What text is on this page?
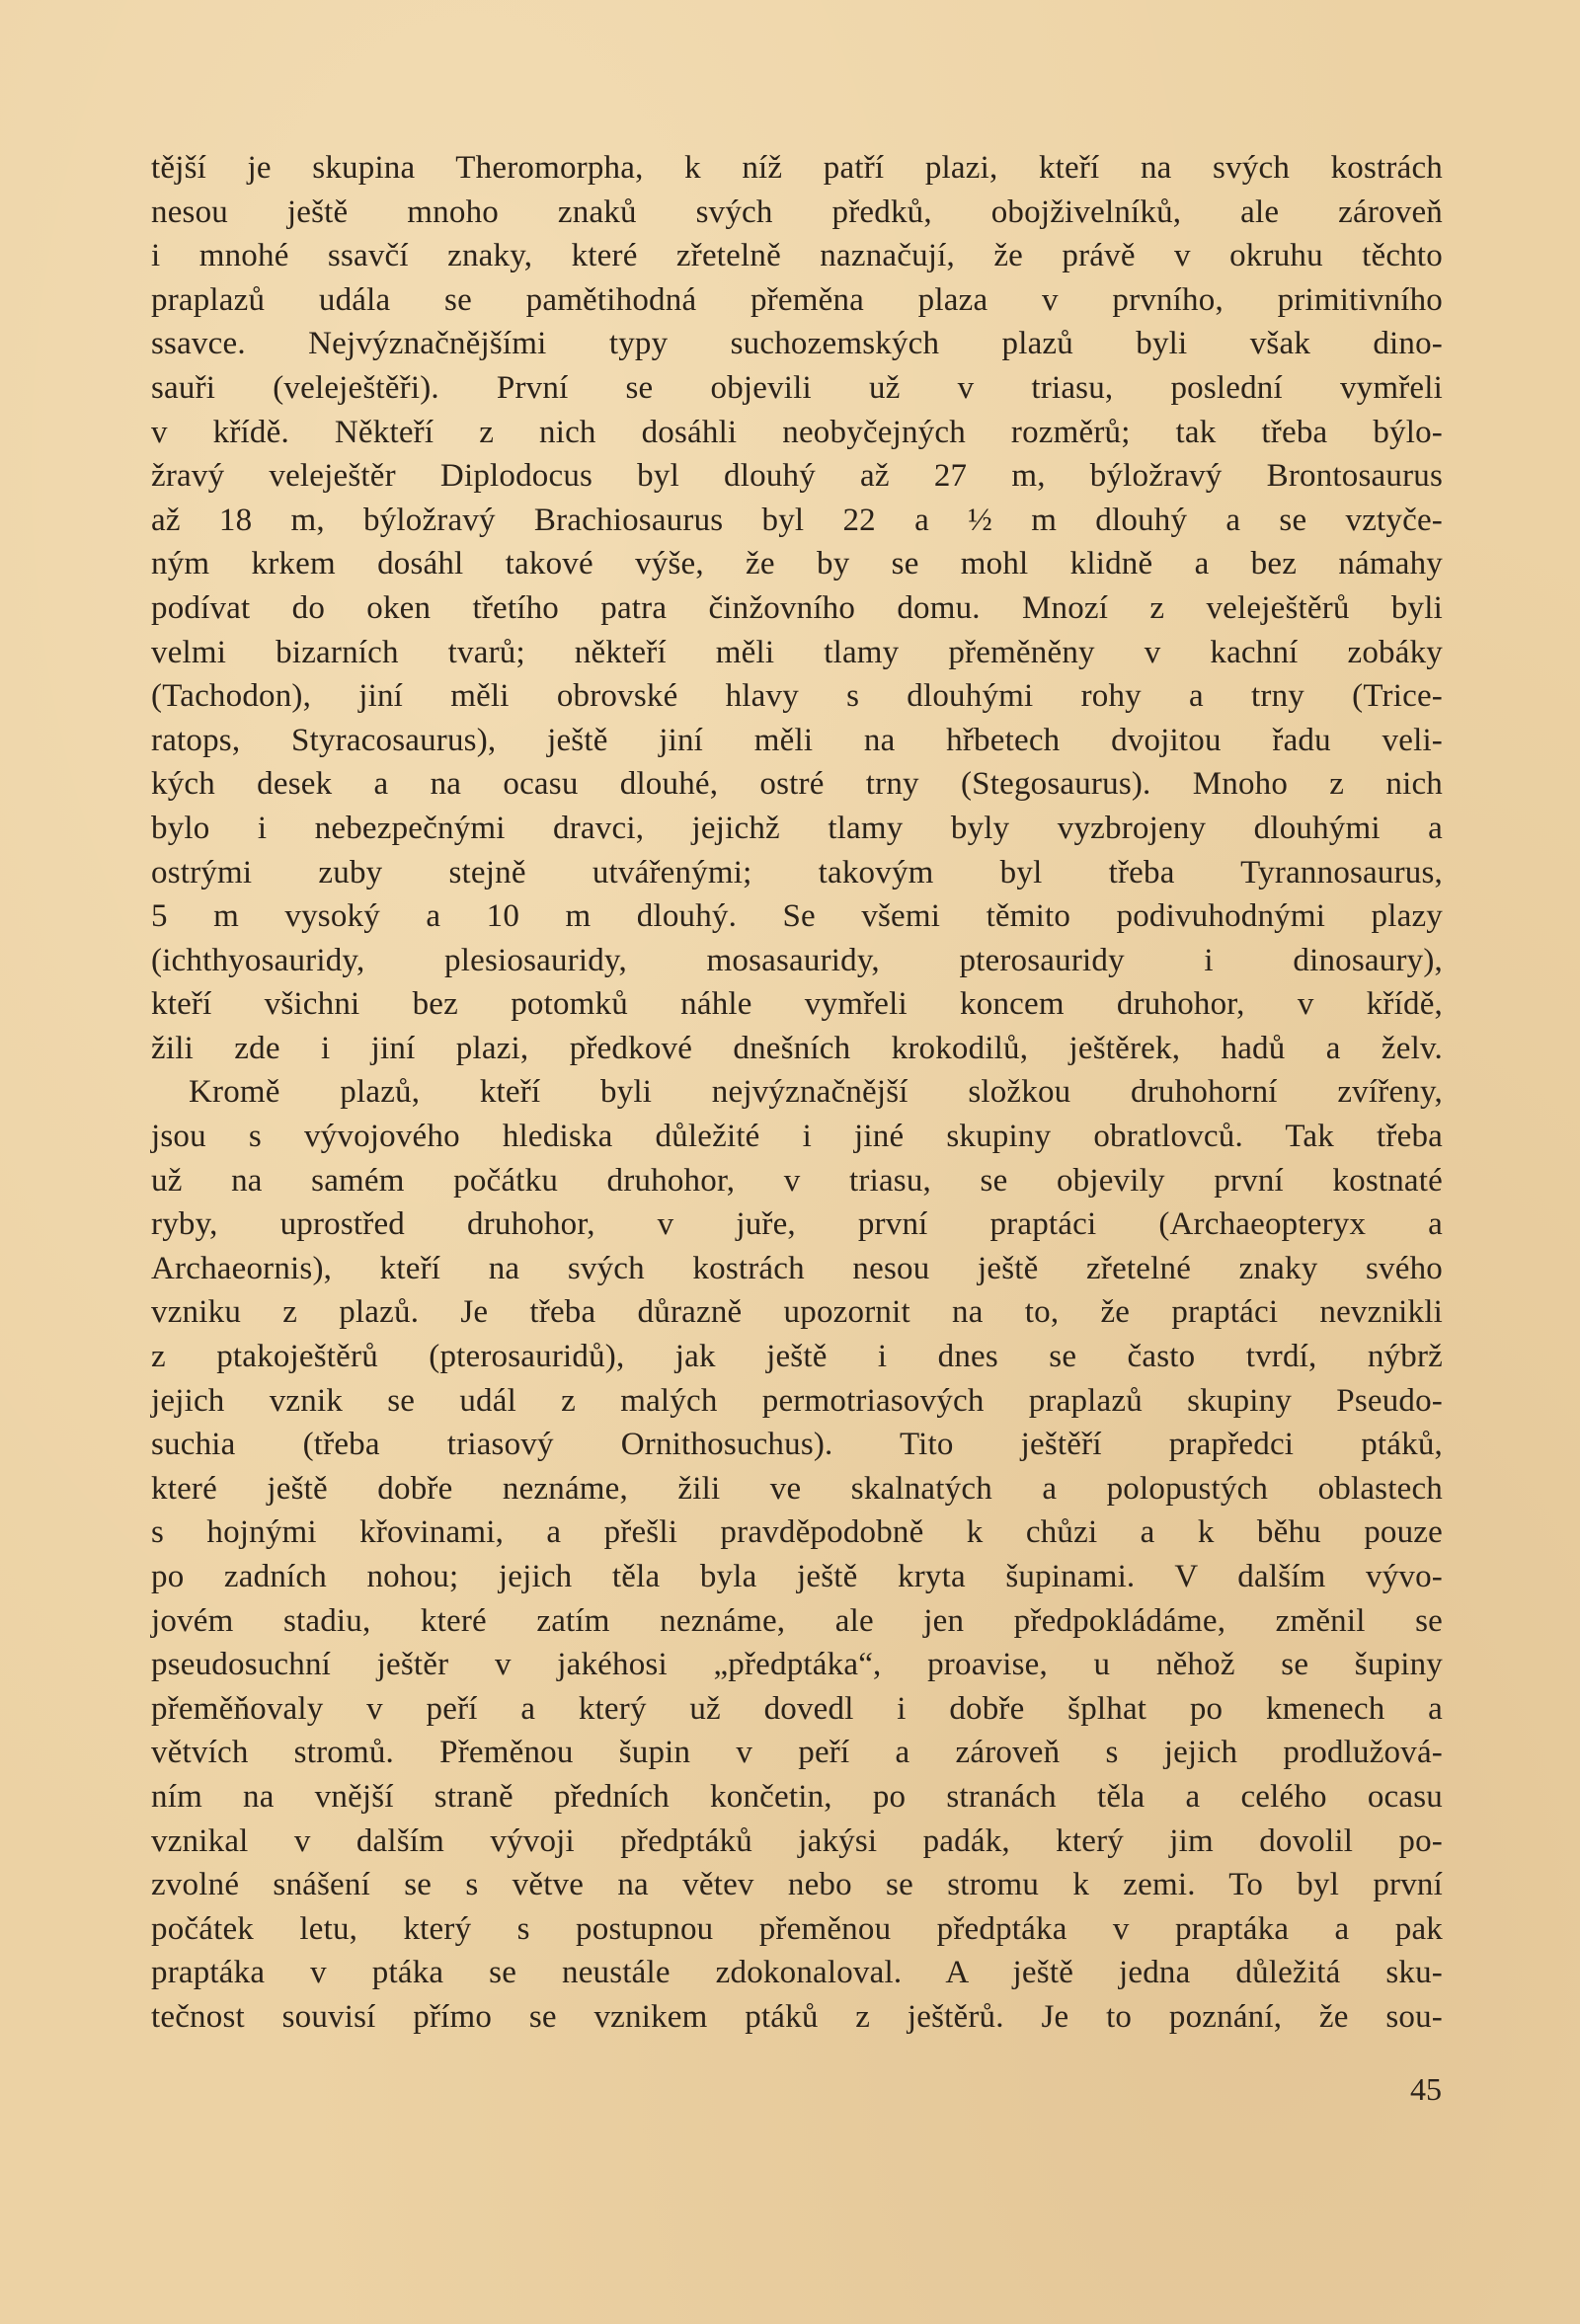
tější je skupina Theromorpha, k níž patří plazi, kteří na svých kostrách
nesou ještě mnoho znaků svých předků, obojživelníků, ale zároveň
i mnohé ssavčí znaky, které zřetelně naznačují, že právě v okruhu těchto
praplazů udála se pamětihodná přeměna plaza v prvního, primitivního
ssavce. Nejvýznačnějšími typy suchozemských plazů byli však dino-
sauři (veleještěři). První se objevili už v triasu, poslední vymřeli
v křídě. Někteří z nich dosáhli neobyčejných rozměrů; tak třeba býlo-
žravý veleještěr Diplodocus byl dlouhý až 27 m, býložravý Brontosaurus
až 18 m, býložravý Brachiosaurus byl 22 a ½ m dlouhý a se vztyče-
ným krkem dosáhl takové výše, že by se mohl klidně a bez námahy
podívat do oken třetího patra činžovního domu. Mnozí z veleještěrů byli
velmi bizarních tvarů; někteří měli tlamy přeměněny v kachní zobáky
(Tachodon), jiní měli obrovské hlavy s dlouhými rohy a trny (Trice-
ratops, Styracosaurus), ještě jiní měli na hřbetech dvojitou řadu veli-
kých desek a na ocasu dlouhé, ostré trny (Stegosaurus). Mnoho z nich
bylo i nebezpečnými dravci, jejichž tlamy byly vyzbrojeny dlouhými a
ostrými zuby stejně utvářenými; takovým byl třeba Tyrannosaurus,
5 m vysoký a 10 m dlouhý. Se všemi těmito podivuhodnými plazy
(ichthyosauridy, plesiosauridy, mosasauridy, pterosauridy i dinosaury),
kteří všichni bez potomků náhle vymřeli koncem druhohor, v křídě,
žili zde i jiní plazi, předkové dnešních krokodilů, ještěrek, hadů a želv.
Kromě plazů, kteří byli nejvýznačnější složkou druhohorní zvířeny,
jsou s vývojového hlediska důležité i jiné skupiny obratlovců. Tak třeba
už na samém počátku druhohor, v triasu, se objevily první kostnaté
ryby, uprostřed druhohor, v juře, první praptáci (Archaeopteryx a
Archaeornis), kteří na svých kostrách nesou ještě zřetelné znaky svého
vzniku z plazů. Je třeba důrazně upozornit na to, že praptáci nevznikli
z ptakoještěrů (pterosauridů), jak ještě i dnes se často tvrdí, nýbrž
jejich vznik se udál z malých permotriasových praplazů skupiny Pseudo-
suchia (třeba triasový Ornithosuchus). Tito ještěří prapředci ptáků,
které ještě dobře neznáme, žili ve skalnatých a polopustých oblastech
s hojnými křovinami, a přešli pravděpodobně k chůzi a k běhu pouze
po zadních nohou; jejich těla byla ještě kryta šupinami. V dalším vývo-
jovém stadiu, které zatím neznáme, ale jen předpokládáme, změnil se
pseudosuchní ještěr v jakéhosi „předptáka“, proavise, u něhož se šupiny
přeměňovaly v peří a který už dovedl i dobře šplhat po kmenech a
větvích stromů. Přeměnou šupin v peří a zároveň s jejich prodlužová-
ním na vnější straně předních končetin, po stranách těla a celého ocasu
vznikal v dalším vývoji předptáků jakýsi padák, který jim dovolil po-
zvolné snášení se s větve na větev nebo se stromu k zemi. To byl první
počátek letu, který s postupnou přeměnou předptáka v praptáka a pak
praptáka v ptáka se neustále zdokonaloval. A ještě jedna důležitá sku-
tečnost souvisí přímo se vznikem ptáků z ještěrů. Je to poznání, že sou-
45
